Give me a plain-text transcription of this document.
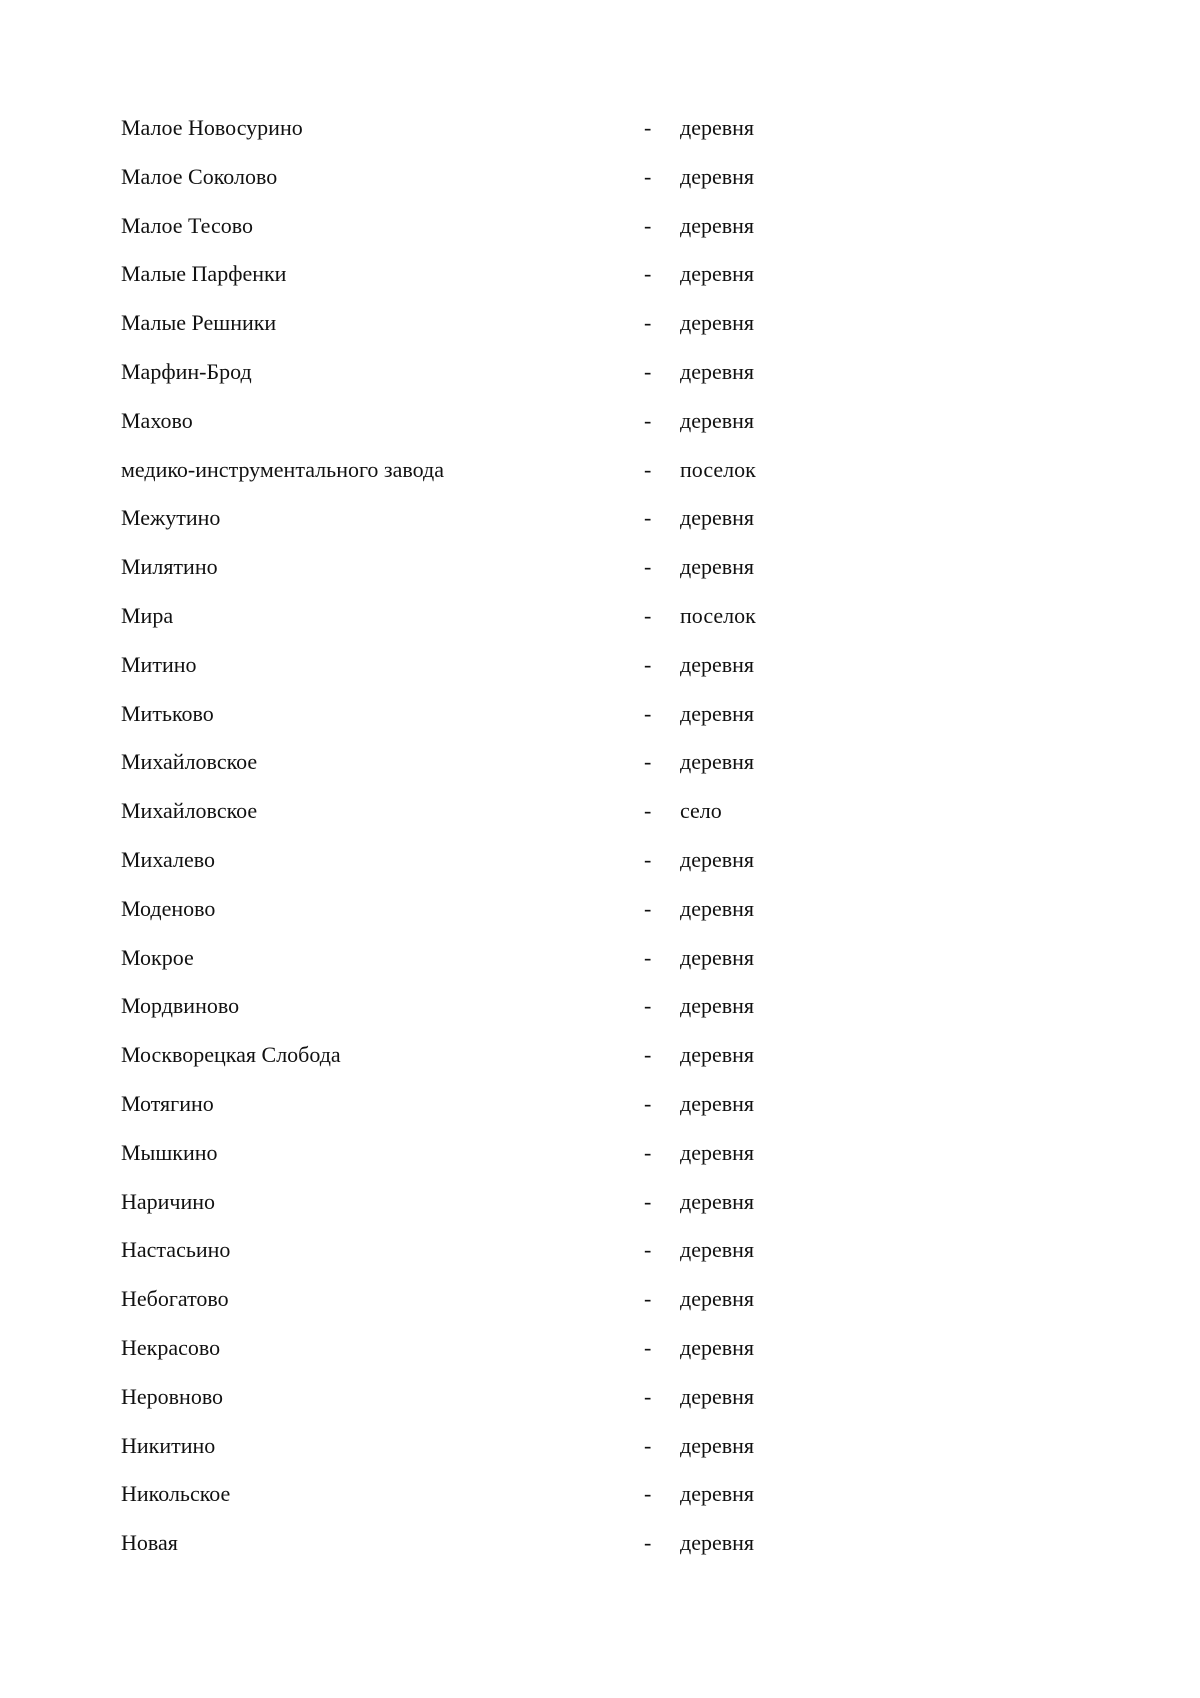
Малое Новосурино	- деревня
Малое Соколово	- деревня
Малое Тесово	- деревня
Малые Парфенки	- деревня
Малые Решники	- деревня
Марфин-Брод	- деревня
Махово	- деревня
медико-инструментального завода	- поселок
Межутино	- деревня
Милятино	- деревня
Мира	- поселок
Митино	- деревня
Митьково	- деревня
Михайловское	- деревня
Михайловское	- село
Михалево	- деревня
Моденово	- деревня
Мокрое	- деревня
Мордвиново	- деревня
Москворецкая Слобода	- деревня
Мотягино	- деревня
Мышкино	- деревня
Наричино	- деревня
Настасьино	- деревня
Небогатово	- деревня
Некрасово	- деревня
Неровново	- деревня
Никитино	- деревня
Никольское	- деревня
Новая	- деревня
